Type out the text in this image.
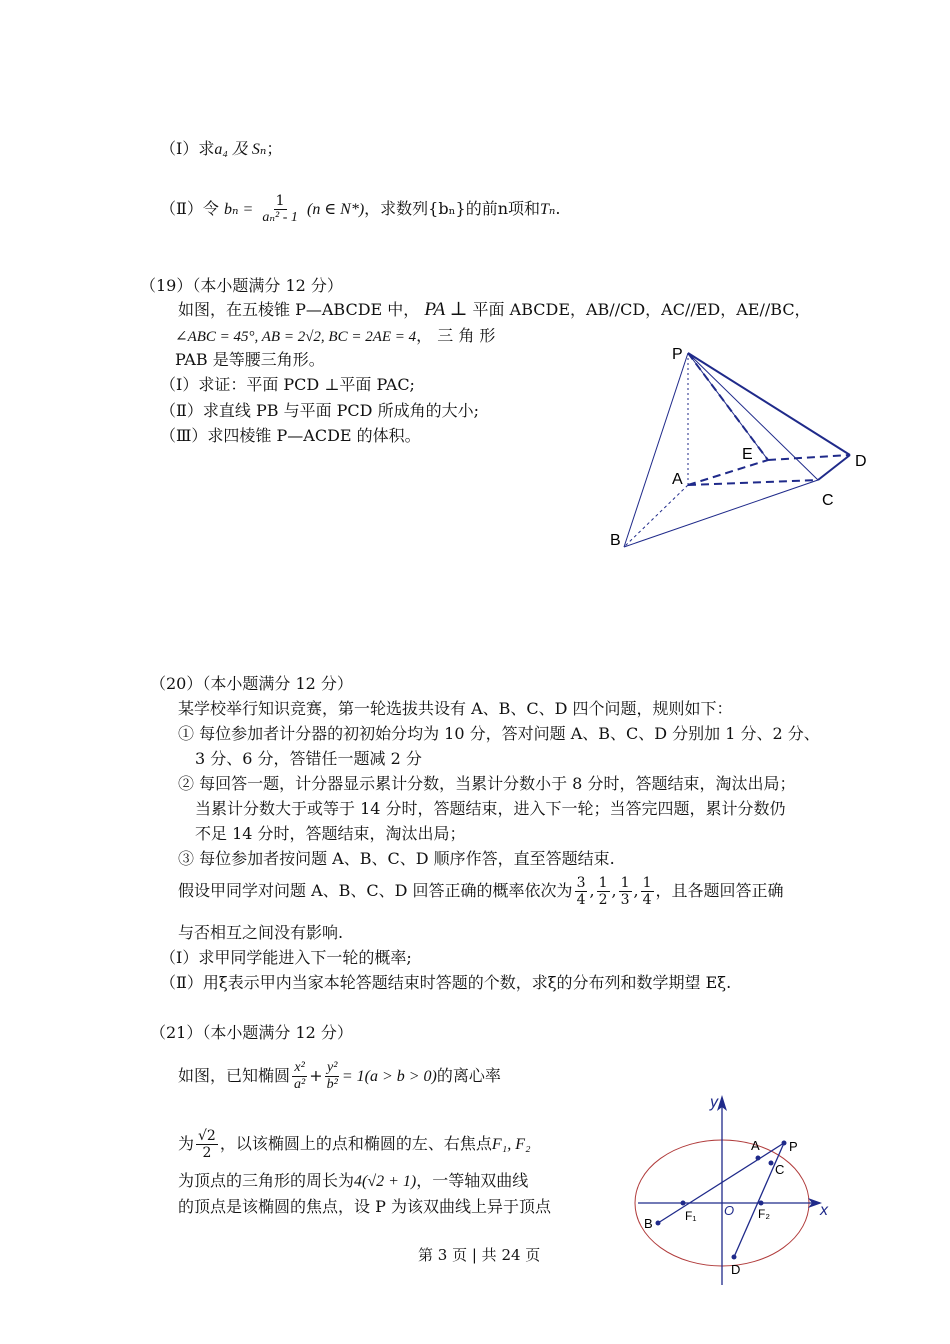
（Ⅰ）求a₄ 及 Sₙ；
（Ⅱ）令 $b_n = \frac{1}{\text{aₙ² - 1}} (n$ ∈ N*)，求数列{bₙ}的前n项和Tₙ.
（19）（本小题满分 12 分）
如图，在五棱锥 P—ABCDE 中， PA ⊥ 平面 ABCDE，AB//CD，AC//ED，AE//BC，
∠ABC = 45°, AB = 2√2, BC = 2AE = 4， 三 角 形
PAB 是等腰三角形。
（Ⅰ）求证：平面 PCD ⊥平面 PAC;
（Ⅱ）求直线 PB 与平面 PCD 所成角的大小;
（Ⅲ）求四棱锥 P—ACDE 的体积。
P
E	D
A
C
B
（20）（本小题满分 12 分）
某学校举行知识竞赛，第一轮选拔共设有 A、B、C、D 四个问题，规则如下：
① 每位参加者计分器的初初始分均为 10 分，答对问题 A、B、C、D 分别加 1 分、2 分、
3 分、6 分，答错任一题减 2 分
② 每回答一题，计分器显示累计分数，当累计分数小于 8 分时，答题结束，淘汰出局；
当累计分数大于或等于 14 分时，答题结束，进入下一轮；当答完四题，累计分数仍
不足 14 分时，答题结束，淘汰出局；
③ 每位参加者按问题 A、B、C、D 顺序作答，直至答题结束.
假设甲同学对问题 A、B、C、D 回答正确的概率依次为 $\frac{3}{4}$ , $\frac{1}{2}$ , $\frac{1}{3}$ , $\frac{1}{4}$ ，且各题回答正确
与否相互之间没有影响.
（Ⅰ）求甲同学能进入下一轮的概率;
（Ⅱ）用ξ表示甲内当家本轮答题结束时答题的个数，求ξ的分布列和数学期望 Eξ.
（21）（本小题满分 12 分）
如图，已知椭圆 $\frac{\text{x²}}{\text{a²}} + \frac{\text{y²}}{\text{b²}} = 1(a > b > 0)$的离心率
为 $\frac{√2}{2}$ ，以该椭圆上的点和椭圆的左、右焦点F₁, F₂
为顶点的三角形的周长为4(√2 + 1)，一等轴双曲线
的顶点是该椭圆的焦点，设 P 为该双曲线上异于顶点
y
x
O
A P
C
B	F₁	F₂
D
第 3 页 | 共 24 页
